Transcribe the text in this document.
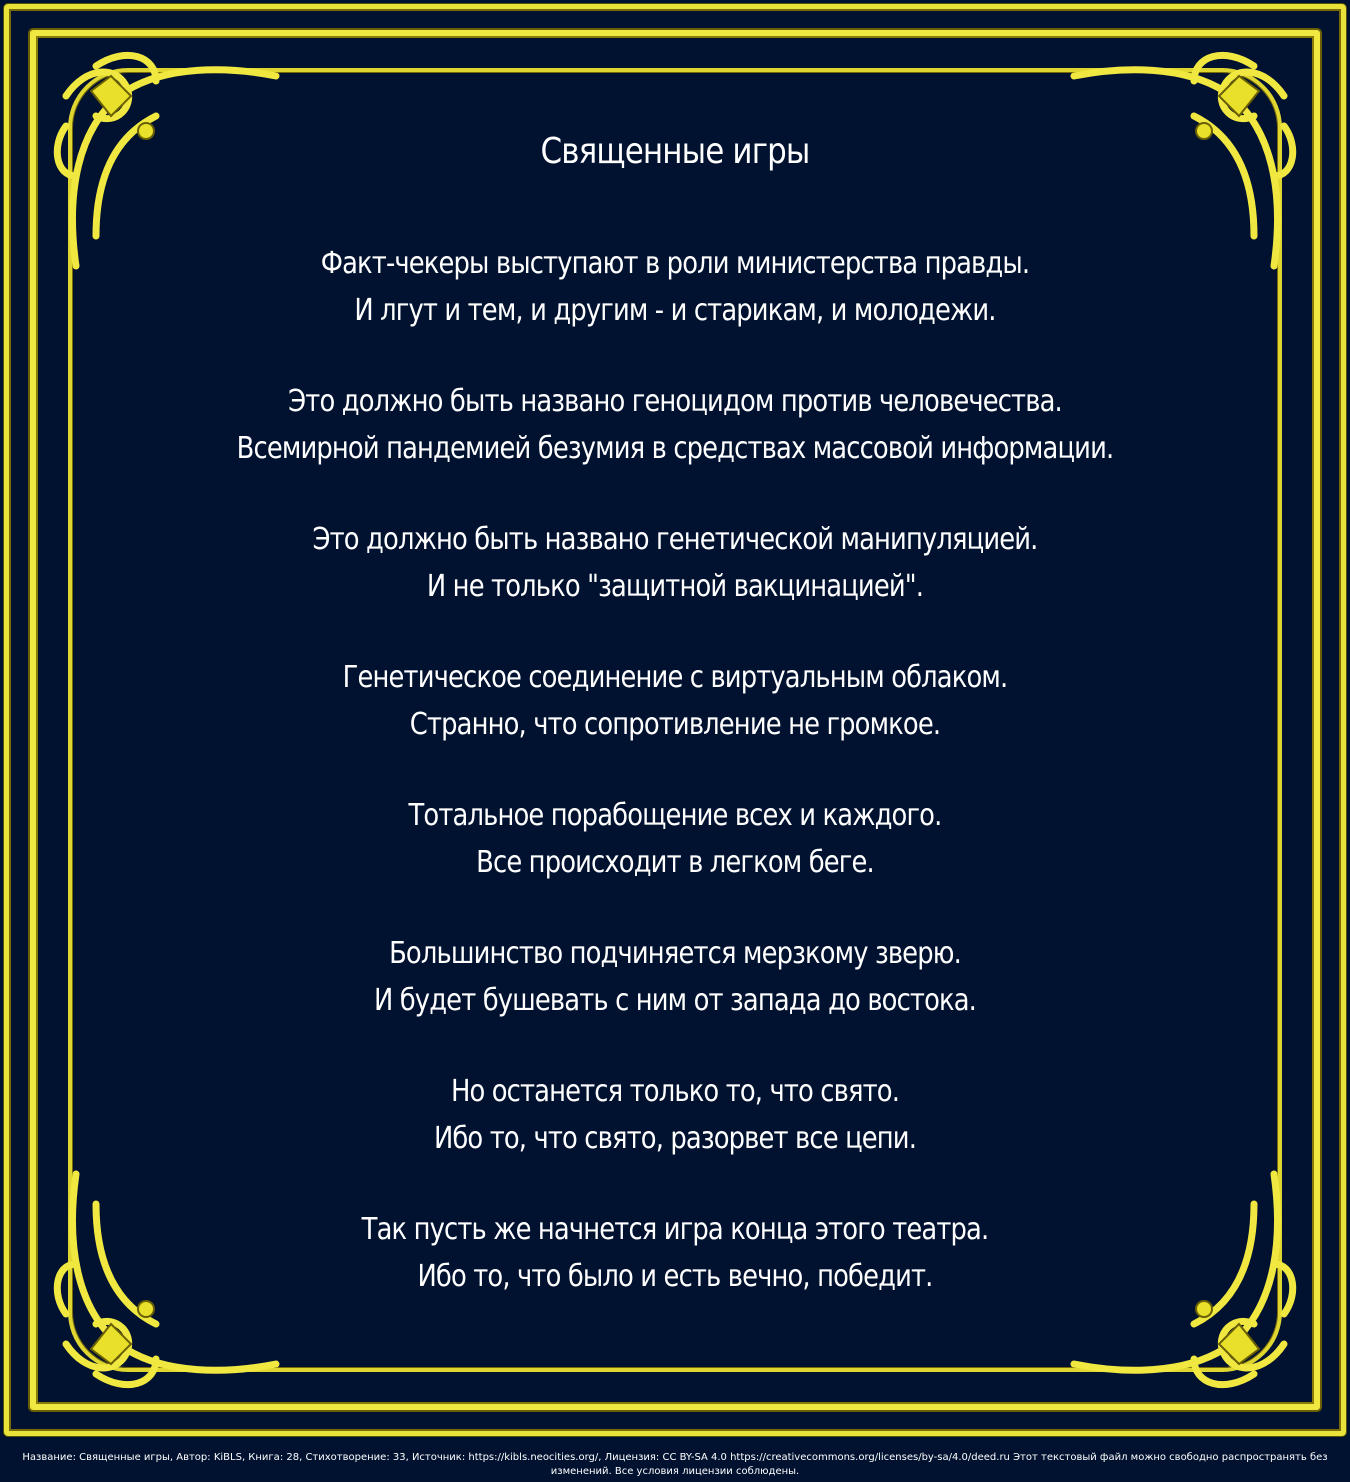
Священные игры
Факт-чекеры выступают в роли министерства правды.
И лгут и тем, и другим - и старикам, и молодежи.
Это должно быть названо геноцидом против человечества.
Всемирной пандемией безумия в средствах массовой информации.
Это должно быть названо генетической манипуляцией.
И не только "защитной вакцинацией".
Генетическое соединение с виртуальным облаком.
Странно, что сопротивление не громкое.
Тотальное порабощение всех и каждого.
Все происходит в легком беге.
Большинство подчиняется мерзкому зверю.
И будет бушевать с ним от запада до востока.
Но останется только то, что свято.
Ибо то, что свято, разорвет все цепи.
Так пусть же начнется игра конца этого театра.
Ибо то, что было и есть вечно, победит.
Название: Священные игры, Автор: KiBLS, Книга: 28, Стихотворение: 33, Источник: https://kibls.neocities.org/, Лицензия: CC BY-SA 4.0 https://creativecommons.org/licenses/by-sa/4.0/deed.ru Этот текстовый файл можно свободно распространять без изменений. Все условия лицензии соблюдены.
